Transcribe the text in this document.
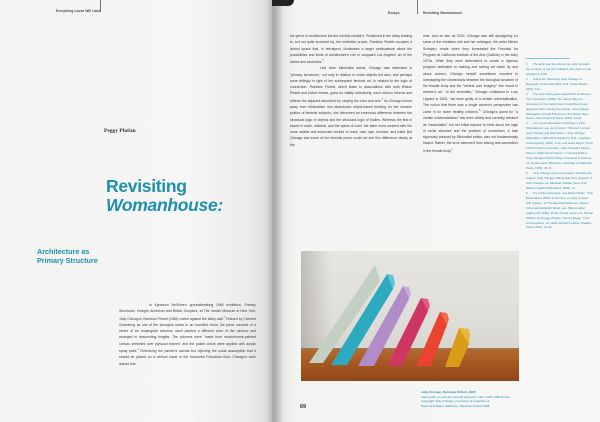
Everything Loose Will Land
Peggy Phelan
Revisiting
Womanhouse:
Architecture as
Primary Structure

In Kynaston McShine's groundbreaking 1966 exhibition, Primary Structures: Younger American and British Sculptors, at The Jewish Museum in New York, Judy Chicago's Rainbow Pickett (1966) rested against the lobby wall.$^1$ Praised by Clement Greenberg as one of the strongest works in an excellent show, the piece consists of a series of six rectangular columns, each painted a different color of the rainbow and arranged in descending lengths. The columns were "made from monochrome-painted canvas stretched over plywood frames" and the pastel colors were applied with acrylic spray paint.$^2$ Embracing the painter's canvas but rejecting the usual assumption that it should be placed on a vertical easel or the horizontal Pollockian floor, Chicago's work leaned into

Essays	Revisiting Womanhouse

the genre of architecture but did not fully inhabit it. Positioned in the lobby leading to, but not quite enclosed by, the exhibition proper, Rainbow Pickett occupies a liminal space that, in retrospect, illuminates a larger ambivalence about the possibilities and limits of architecture's role in vanguard Los Angeles' art of the sixties and seventies.$^3$

Like other Minimalist artists, Chicago was interested in "primary structures," not only in relation to made objects but also, and perhaps more tellingly in light of her subsequent feminist art, in relation to the logic of connection. Rainbow Pickett, which leads to associations with both Wilson Pickett and picket fences, gains its vitality collectively; each column informs and reflects the adjacent structures by varying the color and size.$^4$ As Chicago turned away from Minimalism and abandoned object-based thinking for the messier politics of feminist subjects, she discerned an enormous difference between the structural logic of objects and the structural logic of bodies. Whereas the first is based in math, material, and the optics of color, the latter must contend with the more volatile and imprecise vectors of class, race, age, emotion, and habit. But Chicago and some of her feminist peers could not see this difference clearly at the

time. And as late as 2002, Chicago was still apologizing for some of the mistakes she and her colleague, the artist Miriam Schapiro, made when they formulated the Feminist Art Program at California Institute of the Arts (CalArts) in the early 1970s. While they were determined to create a rigorous program dedicated to making and seeing art made by and about women, Chicago herself sometimes resorted to overplaying the connections between the biological structure of the female body and the "central core imagery" she found in women's art. "In the seventies," Chicago confessed to Lucy Lippard in 2002, "we were guilty of a certain universalization. The notion that there was a single women's perspective has come in for some healthy criticism.$^5$" Chicago's quest for "a certain universalization" has been widely and correctly rebuked as "essentialist," but her initial impulse to think about the logic of serial structure and the problem of connection, a task rigorously pursued by Minimalist artists, was not fundamentally flawed. Rather, the error stemmed from basing that connection in the female body.$^6$

1 The artist was then known as Judy Gerowitz, the surname of her first husband, who died in a car accident in 1963.
2 Gail Levin, Becoming Judy Chicago: A Biography of the Artist (New York: Crown Books, 2007), 121.
3 The other lobby piece was Robert Smithson's The Cryosphere (1966). See James Meyer's discussion of the implicit East Coast/West Coast argument that underlay the pairing. James Meyer, Minimalism: Art and Polemics in the Sixties (New Haven: Yale University Press, 2001), 13-34.
4 For a good discussion of Chicago's early Minimalist art, see Jenni Sorkin, "Minimal" Limited: Judy Chicago and Minimalism," Judy Chicago: Minimalism, 1965-1973 (Santa Fe, N.M.: LewAllen Contemporary, 2004), 2-16; and Laura Meyer, "From Finish Fetish to Feminism: Judy Chicago's Dinner Party in California Art History," in Sexual Politics: Judy Chicago's Dinner Party in Feminist Art History, ed. Amelia Jones (Berkeley: University of California Press, 1996), 46-74.
5 Judy Chicago and Lucy Lippard, "Entering the Culture: Judy Chicago Talking with Lucy Lippard," in Judy Chicago, ed. Elizabeth Sackler (New York: Watson-Guptill Publications, 2002), 11.
6 For a fuller discussion, see Naomi Schor, "This Essentialism Which Is Not One: Coming to Grips with Irigaray," in The Essential Difference, Naomi Schor and Elizabeth Weed, eds. (Bloomington: Indiana UP, 1994), 40-62; Amelia Jones, ed., Sexual Politics; and Peggy Phelan, "Survey Essay," in Art and Feminism, ed. Helen Reckitt (London: Phaidon Press, 2001), 14-49.
Judy Chicago, Rainbow Pickett, 1965
Latex paint on canvas-covered plywood | 126 x 126 x 288 inches
Copyright Judy Chicago | Courtesy of collection of
David and Diana Wilkinson. Rainbow Pickett 1965
69
